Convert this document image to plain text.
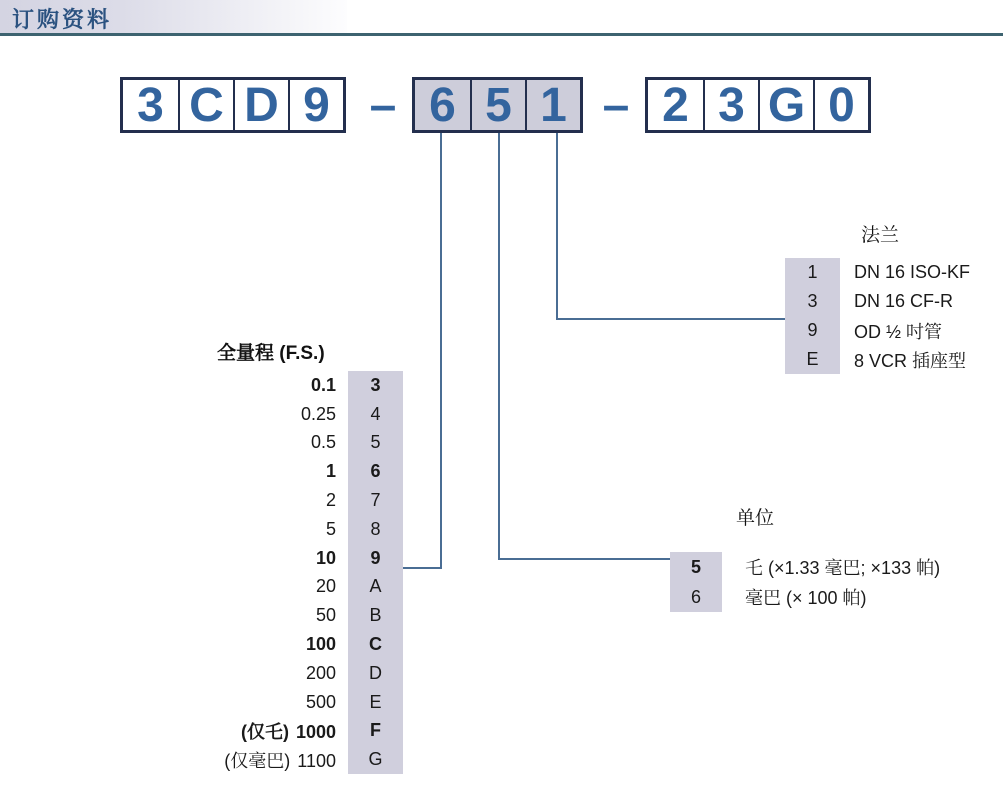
订购资料
3 C D 9 – 6 5 1 – 2 3 G 0
全量程 (F.S.)
0.1	3
0.25	4
0.5	5
1	6
2	7
5	8
10	9
20	A
50	B
100	C
200	D
500	E
(仅乇) 1000	F
(仅毫巴) 1100	G
单位
5	乇 (×1.33 毫巴; ×133 帕)
6	毫巴 (× 100 帕)
法兰
1	DN 16 ISO-KF
3	DN 16 CF-R
9	OD ½ 吋管
E	8 VCR 插座型
